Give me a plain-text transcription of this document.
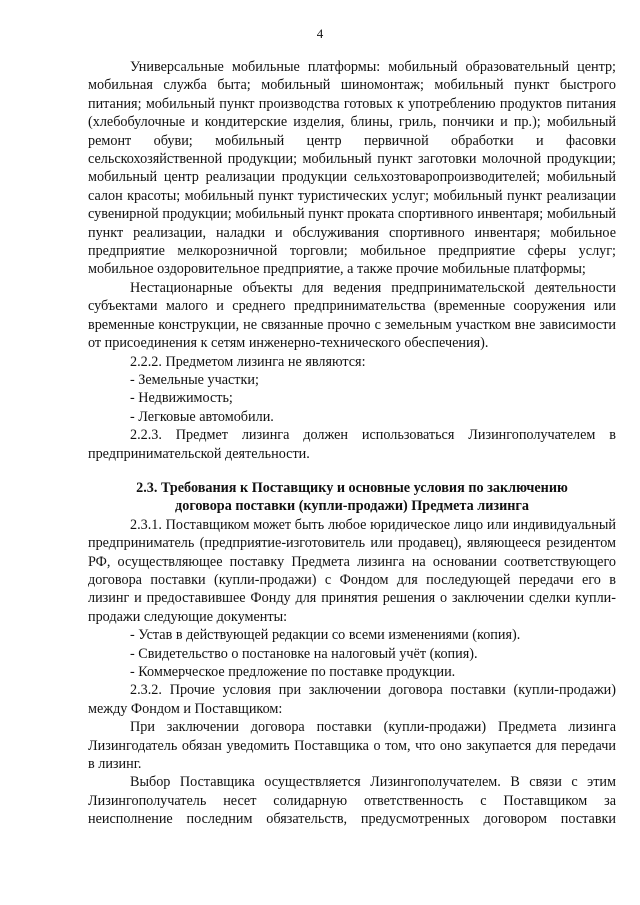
4

Универсальные мобильные платформы: мобильный образовательный центр; мобильная служба быта; мобильный шиномонтаж; мобильный пункт быстрого питания; мобильный пункт производства готовых к употреблению продуктов питания (хлебобулочные и кондитерские изделия, блины, гриль, пончики и пр.); мобильный ремонт обуви; мобильный центр первичной обработки и фасовки сельскохозяйственной продукции; мобильный пункт заготовки молочной продукции; мобильный центр реализации продукции сельхозтоваропроизводителей; мобильный салон красоты; мобильный пункт туристических услуг; мобильный пункт реализации сувенирной продукции; мобильный пункт проката спортивного инвентаря; мобильный пункт реализации, наладки и обслуживания спортивного инвентаря; мобильное предприятие мелкорозничной торговли; мобильное предприятие сферы услуг; мобильное оздоровительное предприятие, а также прочие мобильные платформы;

Нестационарные объекты для ведения предпринимательской деятельности субъектами малого и среднего предпринимательства (временные сооружения или временные конструкции, не связанные прочно с земельным участком вне зависимости от присоединения к сетям инженерно-технического обеспечения).

2.2.2. Предметом лизинга не являются:

- Земельные участки;

- Недвижимость;

- Легковые автомобили.

2.2.3. Предмет лизинга должен использоваться Лизингополучателем в предпринимательской деятельности.

2.3. Требования к Поставщику и основные условия по заключению

договора поставки (купли-продажи) Предмета лизинга

2.3.1. Поставщиком может быть любое юридическое лицо или индивидуальный предприниматель (предприятие-изготовитель или продавец), являющееся резидентом РФ, осуществляющее поставку Предмета лизинга на основании соответствующего договора поставки (купли-продажи) с Фондом для последующей передачи его в лизинг и предоставившее Фонду для принятия решения о заключении сделки купли-продажи следующие документы:

- Устав в действующей редакции со всеми изменениями (копия).

- Свидетельство о постановке на налоговый учёт (копия).

- Коммерческое предложение по поставке продукции.

2.3.2. Прочие условия при заключении договора поставки (купли-продажи) между Фондом и Поставщиком:

При заключении договора поставки (купли-продажи) Предмета лизинга Лизингодатель обязан уведомить Поставщика о том, что оно закупается для передачи в лизинг.

Выбор Поставщика осуществляется Лизингополучателем. В связи с этим Лизингополучатель несет солидарную ответственность с Поставщиком за неисполнение последним обязательств, предусмотренных договором поставки
